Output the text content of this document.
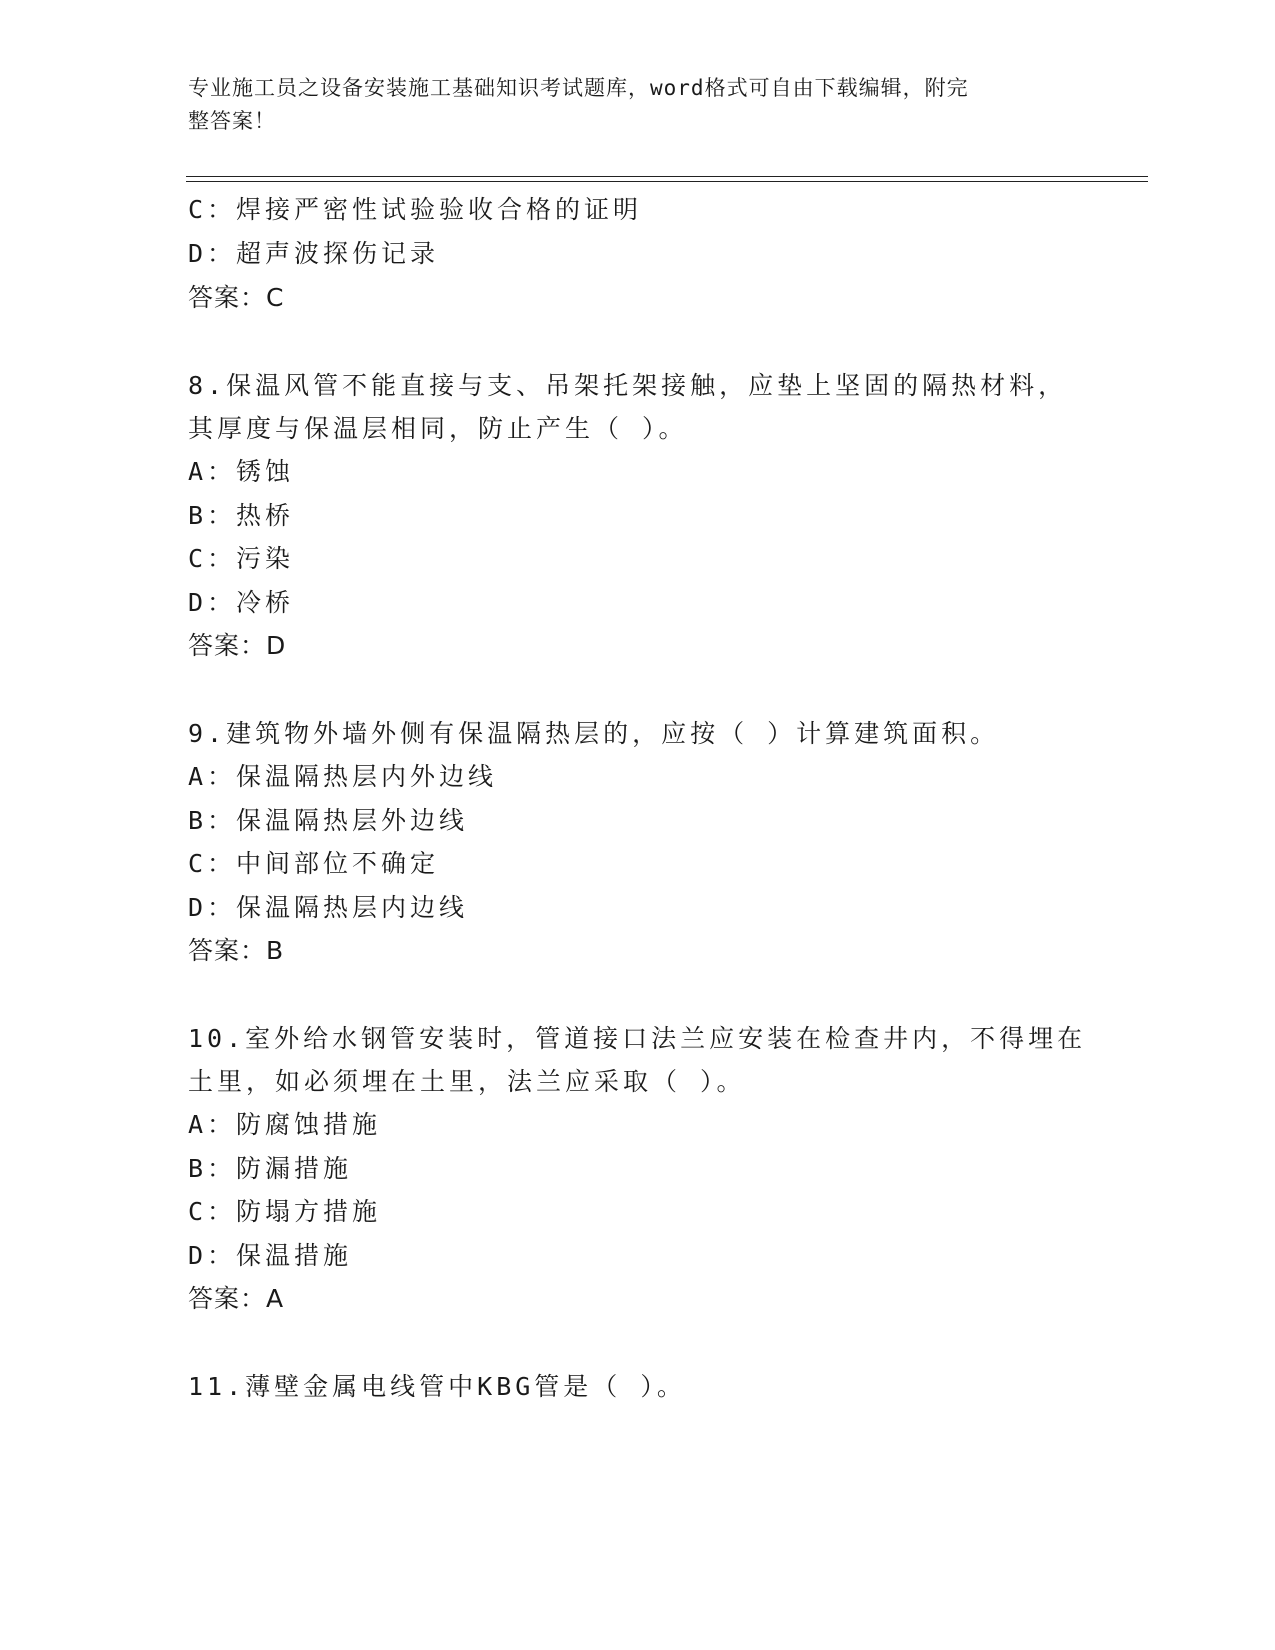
专业施工员之设备安装施工基础知识考试题库，word格式可自由下载编辑，附完
整答案！
C：焊接严密性试验验收合格的证明
D：超声波探伤记录
答案：C
8.保温风管不能直接与支、吊架托架接触，应垫上坚固的隔热材料，
其厚度与保温层相同，防止产生（ ）。
A：锈蚀
B：热桥
C：污染
D：冷桥
答案：D
9.建筑物外墙外侧有保温隔热层的，应按（ ）计算建筑面积。
A：保温隔热层内外边线
B：保温隔热层外边线
C：中间部位不确定
D：保温隔热层内边线
答案：B
10.室外给水钢管安装时，管道接口法兰应安装在检查井内，不得埋在
土里，如必须埋在土里，法兰应采取（ ）。
A：防腐蚀措施
B：防漏措施
C：防塌方措施
D：保温措施
答案：A
11.薄壁金属电线管中KBG管是（ ）。
